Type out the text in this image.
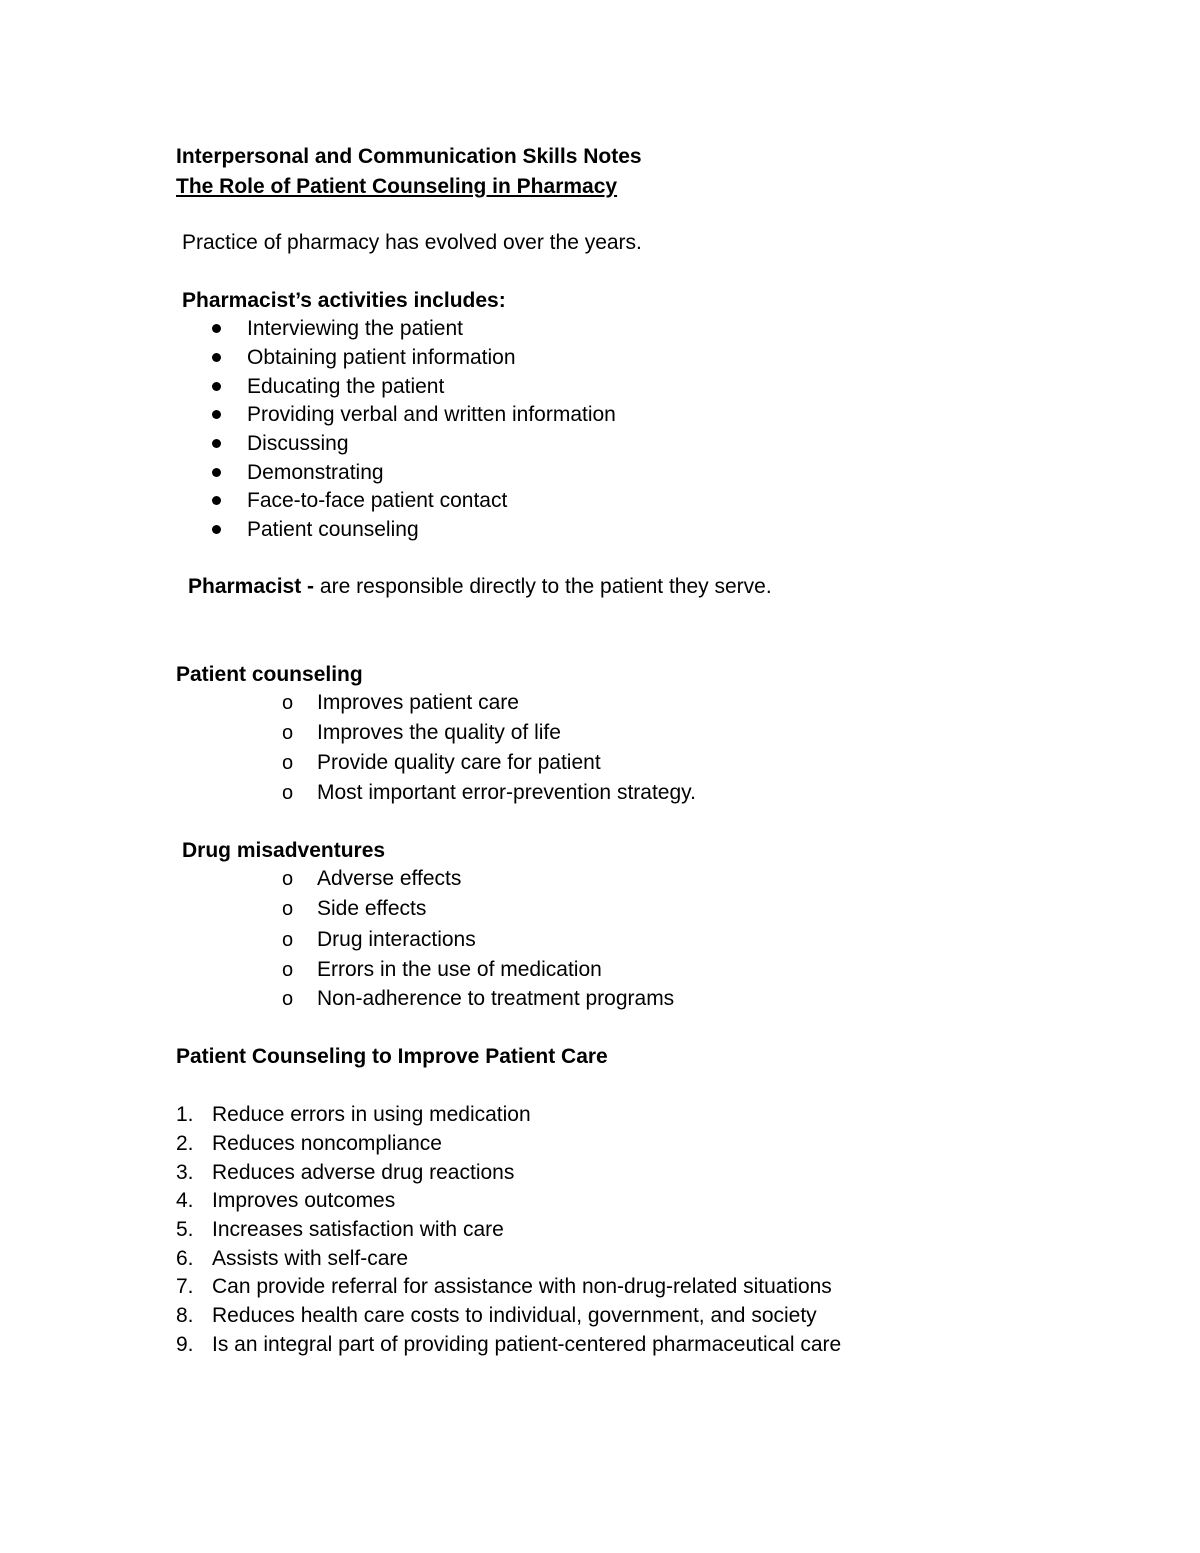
Interpersonal and Communication Skills Notes
The Role of Patient Counseling in Pharmacy
Practice of pharmacy has evolved over the years.
Pharmacist’s activities includes:
Interviewing the patient
Obtaining patient information
Educating the patient
Providing verbal and written information
Discussing
Demonstrating
Face-to-face patient contact
Patient counseling
Pharmacist - are responsible directly to the patient they serve.
Patient counseling
o Improves patient care
o Improves the quality of life
o Provide quality care for patient
o Most important error-prevention strategy.
Drug misadventures
o Adverse effects
o Side effects
o Drug interactions
o Errors in the use of medication
o Non-adherence to treatment programs
Patient Counseling to Improve Patient Care
1. Reduce errors in using medication
2. Reduces noncompliance
3. Reduces adverse drug reactions
4. Improves outcomes
5. Increases satisfaction with care
6. Assists with self-care
7. Can provide referral for assistance with non-drug-related situations
8. Reduces health care costs to individual, government, and society
9. Is an integral part of providing patient-centered pharmaceutical care
